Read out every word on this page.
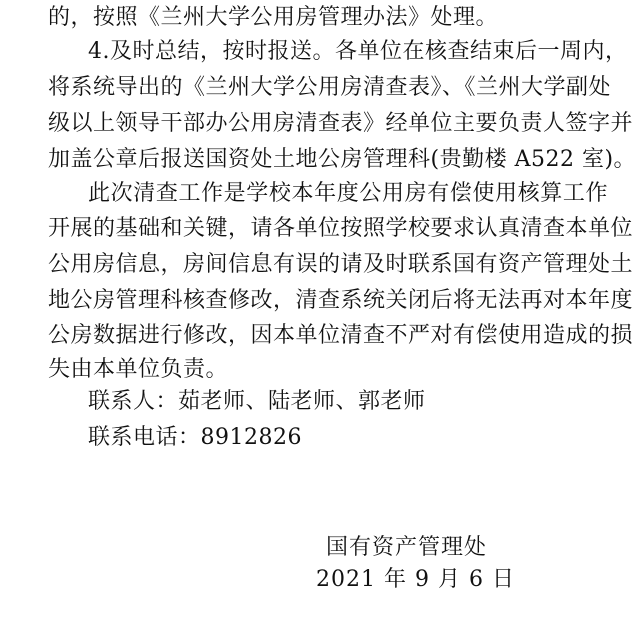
的，按照《兰州大学公用房管理办法》处理。
4.及时总结，按时报送。各单位在核查结束后一周内，
将系统导出的《兰州大学公用房清查表》、《兰州大学副处
级以上领导干部办公用房清查表》经单位主要负责人签字并
加盖公章后报送国资处土地公房管理科(贵勤楼 A522 室)。
此次清查工作是学校本年度公用房有偿使用核算工作
开展的基础和关键，请各单位按照学校要求认真清查本单位
公用房信息，房间信息有误的请及时联系国有资产管理处土
地公房管理科核查修改，清查系统关闭后将无法再对本年度
公房数据进行修改，因本单位清查不严对有偿使用造成的损
失由本单位负责。
联系人：茹老师、陆老师、郭老师
联系电话：8912826
国有资产管理处
2021 年 9 月 6 日
